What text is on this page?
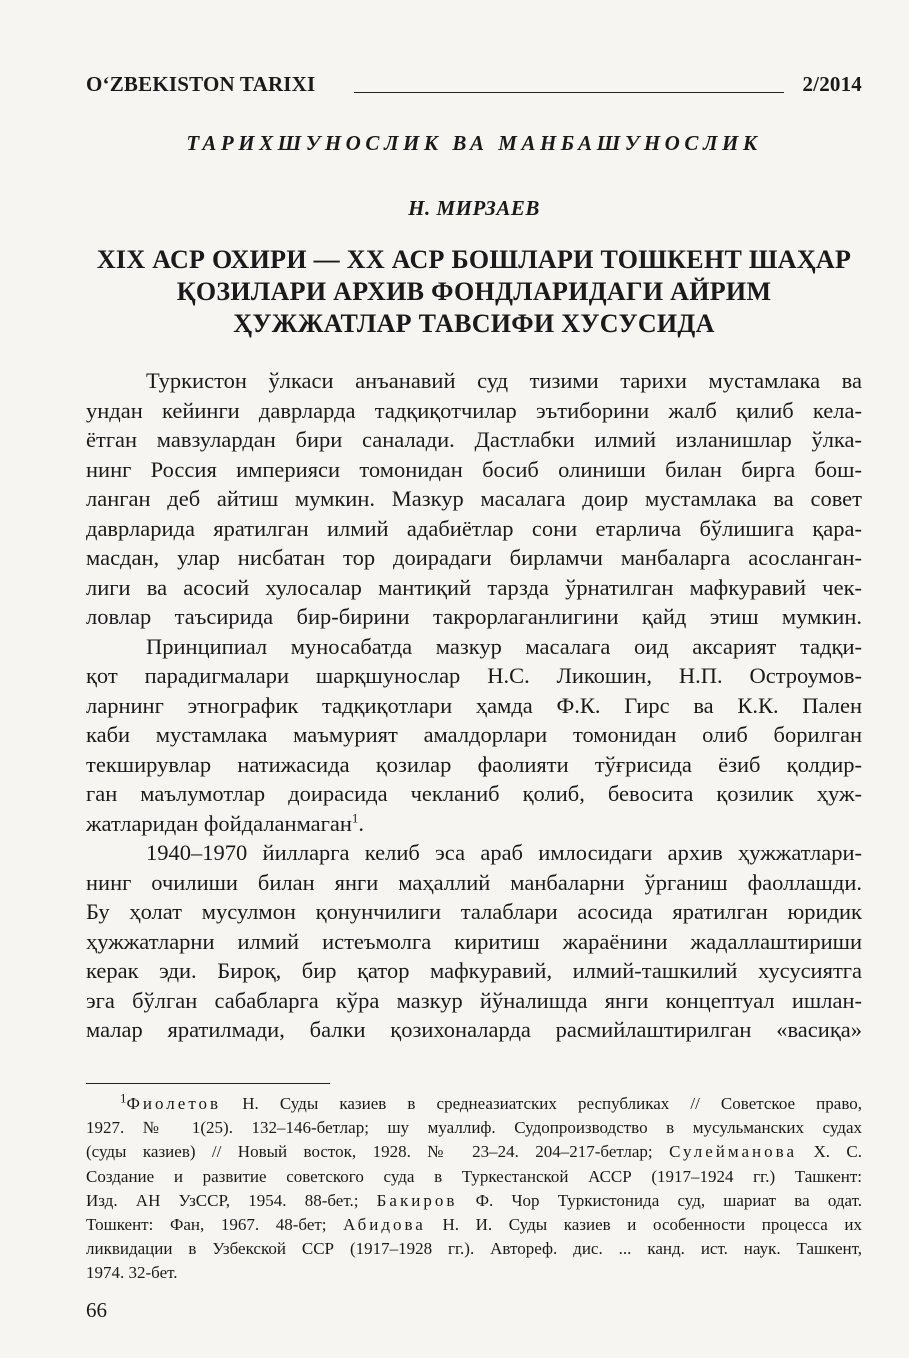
O‘ZBEKISTON TARIXI	2/2014
ТАРИХШУНОСЛИК ВА МАНБАШУНОСЛИК
Н. МИРЗАЕВ
XIX АСР ОХИРИ — XX АСР БОШЛАРИ ТОШКЕНТ ШАҲАР
ҚОЗИЛАРИ АРХИВ ФОНДЛАРИДАГИ АЙРИМ
ҲУЖЖАТЛАР ТАВСИФИ ХУСУСИДА
Туркистон ўлкаси анъанавий суд тизими тарихи мустамлака ва
ундан кейинги даврларда тадқиқотчилар эътиборини жалб қилиб кела-
ётган мавзулардан бири саналади. Дастлабки илмий изланишлар ўлка-
нинг Россия империяси томонидан босиб олиниши билан бирга бош-
ланган деб айтиш мумкин. Мазкур масалага доир мустамлака ва совет
даврларида яратилган илмий адабиётлар сони етарлича бўлишига қара-
масдан, улар нисбатан тор доирадаги бирламчи манбаларга асосланган-
лиги ва асосий хулосалар мантиқий тарзда ўрнатилган мафкуравий чек-
ловлар таъсирида бир-бирини такрорлаганлигини қайд этиш мумкин.
Принципиал муносабатда мазкур масалага оид аксарият тадқи-
қот парадигмалари шарқшунослар Н.С. Ликошин, Н.П. Остроумов-
ларнинг этнографик тадқиқотлари ҳамда Ф.К. Гирс ва К.К. Пален
каби мустамлака маъмурият амалдорлари томонидан олиб борилган
текширувлар натижасида қозилар фаолияти тўғрисида ёзиб қолдир-
ган маълумотлар доирасида чекланиб қолиб, бевосита қозилик ҳуж-
жатларидан фойдаланмаган$^1$.
1940–1970 йилларга келиб эса араб имлосидаги архив ҳужжатлари-
нинг очилиши билан янги маҳаллий манбаларни ўрганиш фаоллашди.
Бу ҳолат мусулмон қонунчилиги талаблари асосида яратилган юридик
ҳужжатларни илмий истеъмолга киритиш жараёнини жадаллаштириши
керак эди. Бироқ, бир қатор мафкуравий, илмий-ташкилий хусусиятга
эга бўлган сабабларга кўра мазкур йўналишда янги концептуал ишлан-
малар яратилмади, балки қозихоналарда расмийлаштирилган «васиқа»
$^1$Фиолетов Н. Суды казиев в среднеазиатских республиках // Советское право,
1927. № 1(25). 132–146-бетлар; шу муаллиф. Судопроизводство в мусульманских судах
(суды казиев) // Новый восток, 1928. № 23–24. 204–217-бетлар; Сулейманова Х. С.
Создание и развитие советского суда в Туркестанской АССР (1917–1924 гг.) Ташкент:
Изд. АН УзССР, 1954. 88-бет.; Бакиров Ф. Чор Туркистонида суд, шариат ва одат.
Тошкент: Фан, 1967. 48-бет; Абидова Н. И. Суды казиев и особенности процесса их
ликвидации в Узбекской ССР (1917–1928 гг.). Автореф. дис. ... канд. ист. наук. Ташкент,
1974. 32-бет.
66
